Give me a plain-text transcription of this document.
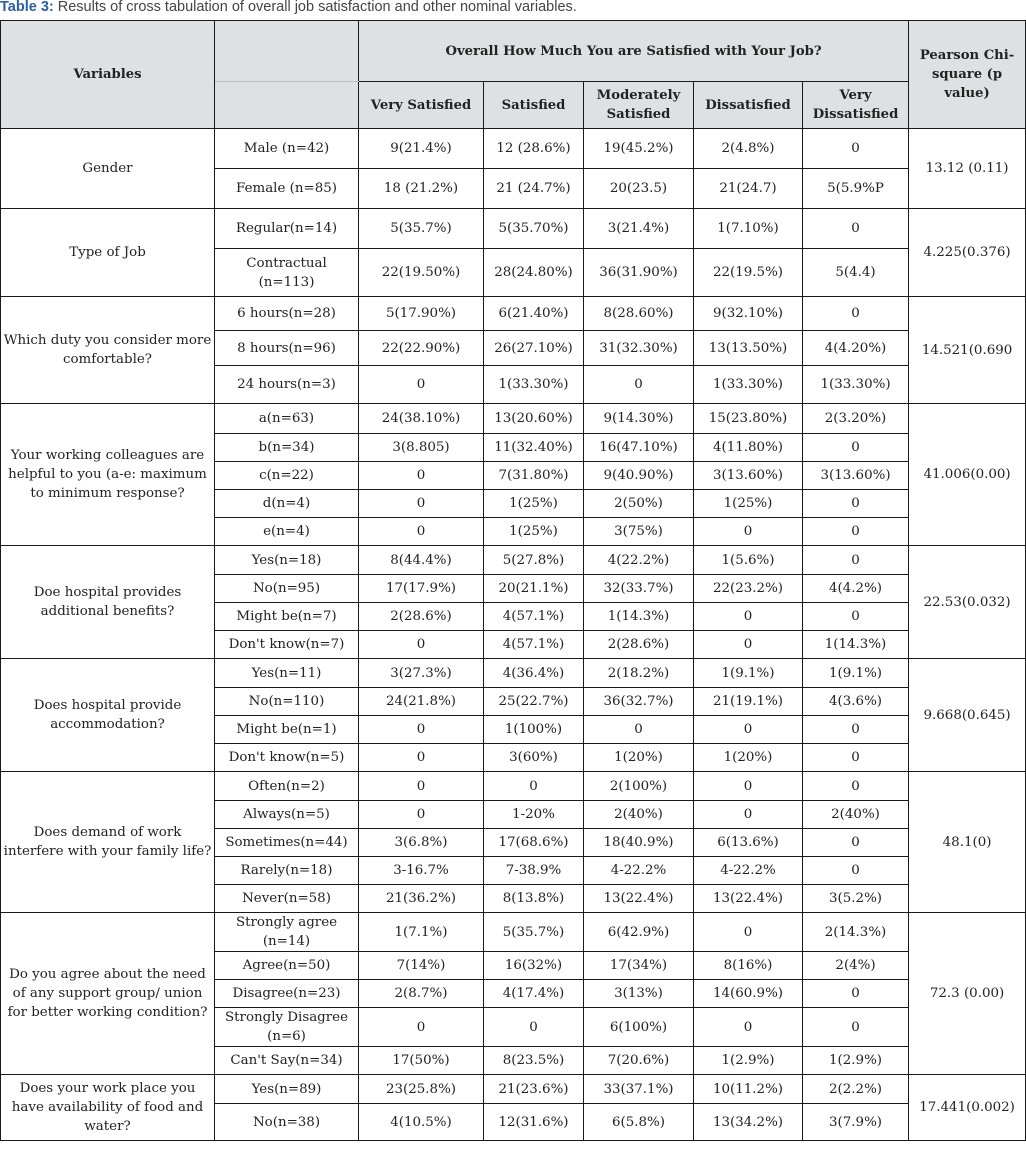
Table 3: Results of cross tabulation of overall job satisfaction and other nominal variables.
Variables		Overall How Much You are Satisfied with Your Job?					Pearson Chi-square (p value)
		Very Satisfied	Satisfied	Moderately Satisfied	Dissatisfied	Very Dissatisfied	
Gender	Male (n=42)	9(21.4%)	12 (28.6%)	19(45.2%)	2(4.8%)	0	13.12 (0.11)
	Female (n=85)	18 (21.2%)	21 (24.7%)	20(23.5)	21(24.7)	5(5.9%P	
Type of Job	Regular(n=14)	5(35.7%)	5(35.70%)	3(21.4%)	1(7.10%)	0	4.225(0.376)
	Contractual (n=113)	22(19.50%)	28(24.80%)	36(31.90%)	22(19.5%)	5(4.4)	
Which duty you consider more comfortable?	6 hours(n=28)	5(17.90%)	6(21.40%)	8(28.60%)	9(32.10%)	0	14.521(0.690
	8 hours(n=96)	22(22.90%)	26(27.10%)	31(32.30%)	13(13.50%)	4(4.20%)	
	24 hours(n=3)	0	1(33.30%)	0	1(33.30%)	1(33.30%)	
Your working colleagues are helpful to you (a-e: maximum to minimum response?	a(n=63)	24(38.10%)	13(20.60%)	9(14.30%)	15(23.80%)	2(3.20%)	41.006(0.00)
	b(n=34)	3(8.805)	11(32.40%)	16(47.10%)	4(11.80%)	0	
	c(n=22)	0	7(31.80%)	9(40.90%)	3(13.60%)	3(13.60%)	
	d(n=4)	0	1(25%)	2(50%)	1(25%)	0	
	e(n=4)	0	1(25%)	3(75%)	0	0	
Doe hospital provides additional benefits?	Yes(n=18)	8(44.4%)	5(27.8%)	4(22.2%)	1(5.6%)	0	22.53(0.032)
	No(n=95)	17(17.9%)	20(21.1%)	32(33.7%)	22(23.2%)	4(4.2%)	
	Might be(n=7)	2(28.6%)	4(57.1%)	1(14.3%)	0	0	
	Don't know(n=7)	0	4(57.1%)	2(28.6%)	0	1(14.3%)	
Does hospital provide accommodation?	Yes(n=11)	3(27.3%)	4(36.4%)	2(18.2%)	1(9.1%)	1(9.1%)	9.668(0.645)
	No(n=110)	24(21.8%)	25(22.7%)	36(32.7%)	21(19.1%)	4(3.6%)	
	Might be(n=1)	0	1(100%)	0	0	0	
	Don't know(n=5)	0	3(60%)	1(20%)	1(20%)	0	
Does demand of work interfere with your family life?	Often(n=2)	0	0	2(100%)	0	0	48.1(0)
	Always(n=5)	0	1-20%	2(40%)	0	2(40%)	
	Sometimes(n=44)	3(6.8%)	17(68.6%)	18(40.9%)	6(13.6%)	0	
	Rarely(n=18)	3-16.7%	7-38.9%	4-22.2%	4-22.2%	0	
	Never(n=58)	21(36.2%)	8(13.8%)	13(22.4%)	13(22.4%)	3(5.2%)	
Do you agree about the need of any support group/ union for better working condition?	Strongly agree (n=14)	1(7.1%)	5(35.7%)	6(42.9%)	0	2(14.3%)	72.3 (0.00)
	Agree(n=50)	7(14%)	16(32%)	17(34%)	8(16%)	2(4%)	
	Disagree(n=23)	2(8.7%)	4(17.4%)	3(13%)	14(60.9%)	0	
	Strongly Disagree (n=6)	0	0	6(100%)	0	0	
	Can't Say(n=34)	17(50%)	8(23.5%)	7(20.6%)	1(2.9%)	1(2.9%)	
Does your work place you have availability of food and water?	Yes(n=89)	23(25.8%)	21(23.6%)	33(37.1%)	10(11.2%)	2(2.2%)	17.441(0.002)
	No(n=38)	4(10.5%)	12(31.6%)	6(5.8%)	13(34.2%)	3(7.9%)	
